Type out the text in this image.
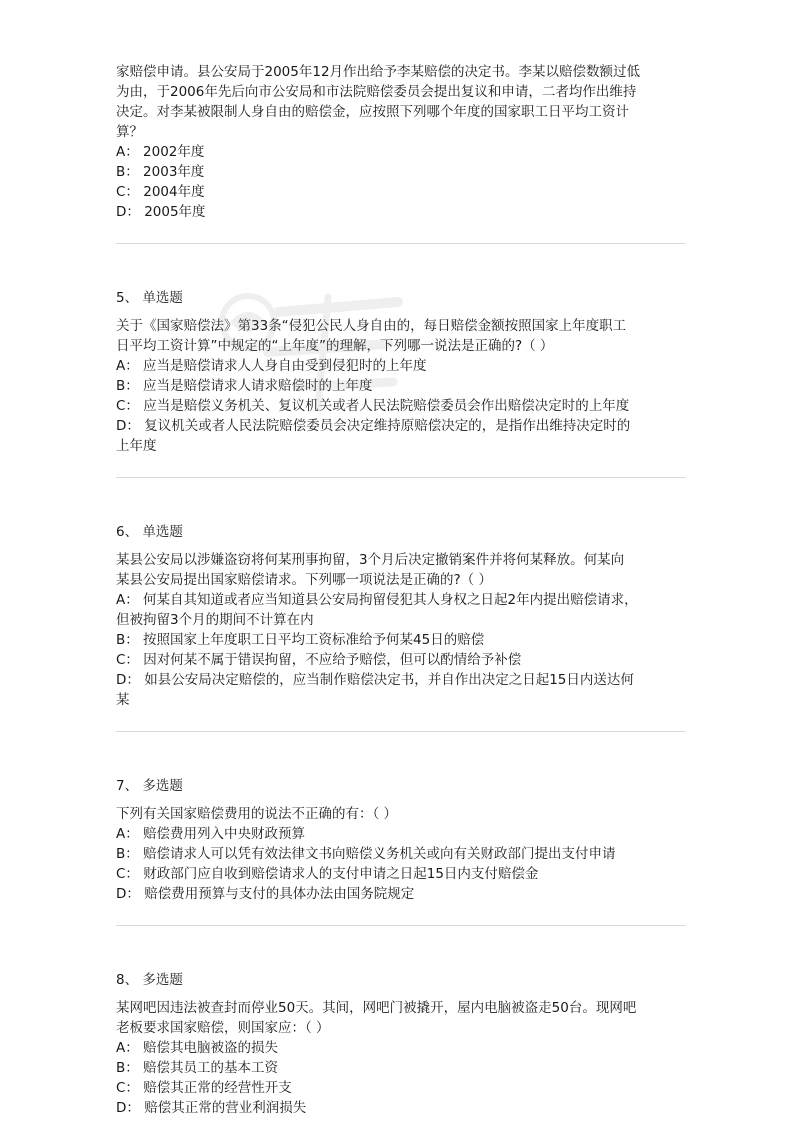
家赔偿申请。县公安局于2005年12月作出给予李某赔偿的决定书。李某以赔偿数额过低
为由，于2006年先后向市公安局和市法院赔偿委员会提出复议和申请，二者均作出维持
决定。对李某被限制人身自由的赔偿金，应按照下列哪个年度的国家职工日平均工资计
算？
A： 2002年度
B： 2003年度
C： 2004年度
D： 2005年度
5、 单选题
关于《国家赔偿法》第33条“侵犯公民人身自由的，每日赔偿金额按照国家上年度职工
日平均工资计算”中规定的“上年度”的理解，下列哪一说法是正确的?（ ）
A： 应当是赔偿请求人人身自由受到侵犯时的上年度
B： 应当是赔偿请求人请求赔偿时的上年度
C： 应当是赔偿义务机关、复议机关或者人民法院赔偿委员会作出赔偿决定时的上年度
D： 复议机关或者人民法院赔偿委员会决定维持原赔偿决定的，是指作出维持决定时的
上年度
6、 单选题
某县公安局以涉嫌盗窃将何某刑事拘留，3个月后决定撤销案件并将何某释放。何某向
某县公安局提出国家赔偿请求。下列哪一项说法是正确的?（ ）
A： 何某自其知道或者应当知道县公安局拘留侵犯其人身权之日起2年内提出赔偿请求，
但被拘留3个月的期间不计算在内
B： 按照国家上年度职工日平均工资标准给予何某45日的赔偿
C： 因对何某不属于错误拘留，不应给予赔偿，但可以酌情给予补偿
D： 如县公安局决定赔偿的，应当制作赔偿决定书，并自作出决定之日起15日内送达何
某
7、 多选题
下列有关国家赔偿费用的说法不正确的有：（ ）
A： 赔偿费用列入中央财政预算
B： 赔偿请求人可以凭有效法律文书向赔偿义务机关或向有关财政部门提出支付申请
C： 财政部门应自收到赔偿请求人的支付申请之日起15日内支付赔偿金
D： 赔偿费用预算与支付的具体办法由国务院规定
8、 多选题
某网吧因违法被查封而停业50天。其间，网吧门被撬开，屋内电脑被盗走50台。现网吧
老板要求国家赔偿，则国家应：（ ）
A： 赔偿其电脑被盗的损失
B： 赔偿其员工的基本工资
C： 赔偿其正常的经营性开支
D： 赔偿其正常的营业利润损失
